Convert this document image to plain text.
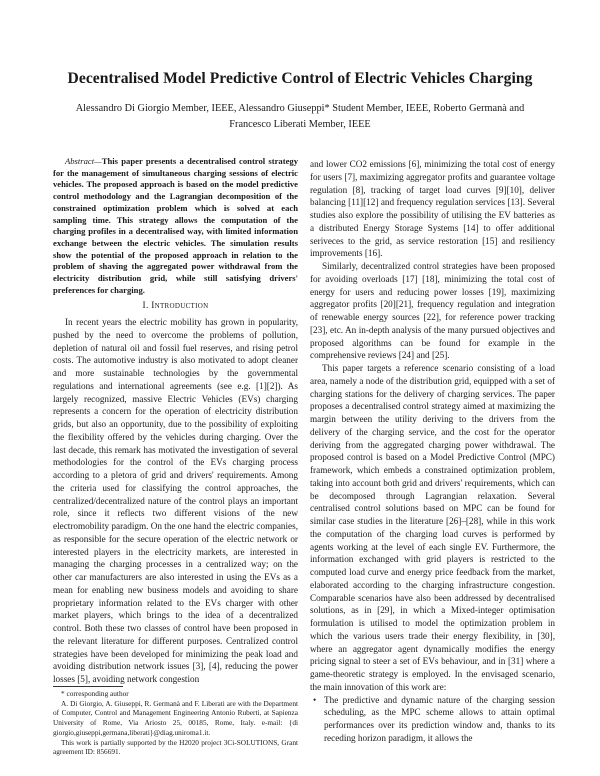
Decentralised Model Predictive Control of Electric Vehicles Charging

Alessandro Di Giorgio Member, IEEE, Alessandro Giuseppi* Student Member, IEEE, Roberto Germanà and

Francesco Liberati Member, IEEE

Abstract—This paper presents a decentralised control strategy for the management of simultaneous charging sessions of electric vehicles. The proposed approach is based on the model predictive control methodology and the Lagrangian decomposition of the constrained optimization problem which is solved at each sampling time. This strategy allows the computation of the charging profiles in a decentralised way, with limited information exchange between the electric vehicles. The simulation results show the potential of the proposed approach in relation to the problem of shaving the aggregated power withdrawal from the electricity distribution grid, while still satisfying drivers' preferences for charging.

I. Introduction

In recent years the electric mobility has grown in popularity, pushed by the need to overcome the problems of pollution, depletion of natural oil and fossil fuel reserves, and rising petrol costs. The automotive industry is also motivated to adopt cleaner and more sustainable technologies by the governmental regulations and international agreements (see e.g. [1][2]). As largely recognized, massive Electric Vehicles (EVs) charging represents a concern for the operation of electricity distribution grids, but also an opportunity, due to the possibility of exploiting the flexibility offered by the vehicles during charging. Over the last decade, this remark has motivated the investigation of several methodologies for the control of the EVs charging process according to a pletora of grid and drivers' requirements. Among the criteria used for classifying the control approaches, the centralized/decentralized nature of the control plays an important role, since it reflects two different visions of the new electromobility paradigm. On the one hand the electric companies, as responsible for the secure operation of the electric network or interested players in the electricity markets, are interested in managing the charging processes in a centralized way; on the other car manufacturers are also interested in using the EVs as a mean for enabling new business models and avoiding to share proprietary information related to the EVs charger with other market players, which brings to the idea of a decentralized control. Both these two classes of control have been proposed in the relevant literature for different purposes. Centralized control strategies have been developed for minimizing the peak load and avoiding distribution network issues [3], [4], reducing the power losses [5], avoiding network congestion

* corresponding author

A. Di Giorgio, A. Giuseppi, R. Germanà and F. Liberati are with the Department of Computer, Control and Management Engineering Antonio Ruberti, at Sapienza University of Rome, Via Ariosto 25, 00185, Rome, Italy. e-mail: {di giorgio,giuseppi,germana,liberati}@diag.uniroma1.it.

This work is partially supported by the H2020 project 3Ci-SOLUTIONS, Grant agreement ID: 856691.

and lower CO2 emissions [6], minimizing the total cost of energy for users [7], maximizing aggregator profits and guarantee voltage regulation [8], tracking of target load curves [9][10], deliver balancing [11][12] and frequency regulation services [13]. Several studies also explore the possibility of utilising the EV batteries as a distributed Energy Storage Systems [14] to offer additional seriveces to the grid, as service restoration [15] and resiliency improvements [16].

Similarly, decentralized control strategies have been proposed for avoiding overloads [17] [18], minimizing the total cost of energy for users and reducing power losses [19], maximizing aggregator profits [20][21], frequency regulation and integration of renewable energy sources [22], for reference power tracking [23], etc. An in-depth analysis of the many pursued objectives and proposed algorithms can be found for example in the comprehensive reviews [24] and [25].

This paper targets a reference scenario consisting of a load area, namely a node of the distribution grid, equipped with a set of charging stations for the delivery of charging services. The paper proposes a decentralised control strategy aimed at maximizing the margin between the utility deriving to the drivers from the delivery of the charging service, and the cost for the operator deriving from the aggregated charging power withdrawal. The proposed control is based on a Model Predictive Control (MPC) framework, which embeds a constrained optimization problem, taking into account both grid and drivers' requirements, which can be decomposed through Lagrangian relaxation. Several centralised control solutions based on MPC can be found for similar case studies in the literature [26]–[28], while in this work the computation of the charging load curves is performed by agents working at the level of each single EV. Furthermore, the information exchanged with grid players is restricted to the computed load curve and energy price feedback from the market, elaborated according to the charging infrastructure congestion. Comparable scenarios have also been addressed by decentralised solutions, as in [29], in which a Mixed-integer optimisation formulation is utilised to model the optimization problem in which the various users trade their energy flexibility, in [30], where an aggregator agent dynamically modifies the energy pricing signal to steer a set of EVs behaviour, and in [31] where a game-theoretic strategy is employed. In the envisaged scenario, the main innovation of this work are:

• The predictive and dynamic nature of the charging session scheduling, as the MPC scheme allows to attain optimal performances over its prediction window and, thanks to its receding horizon paradigm, it allows the
